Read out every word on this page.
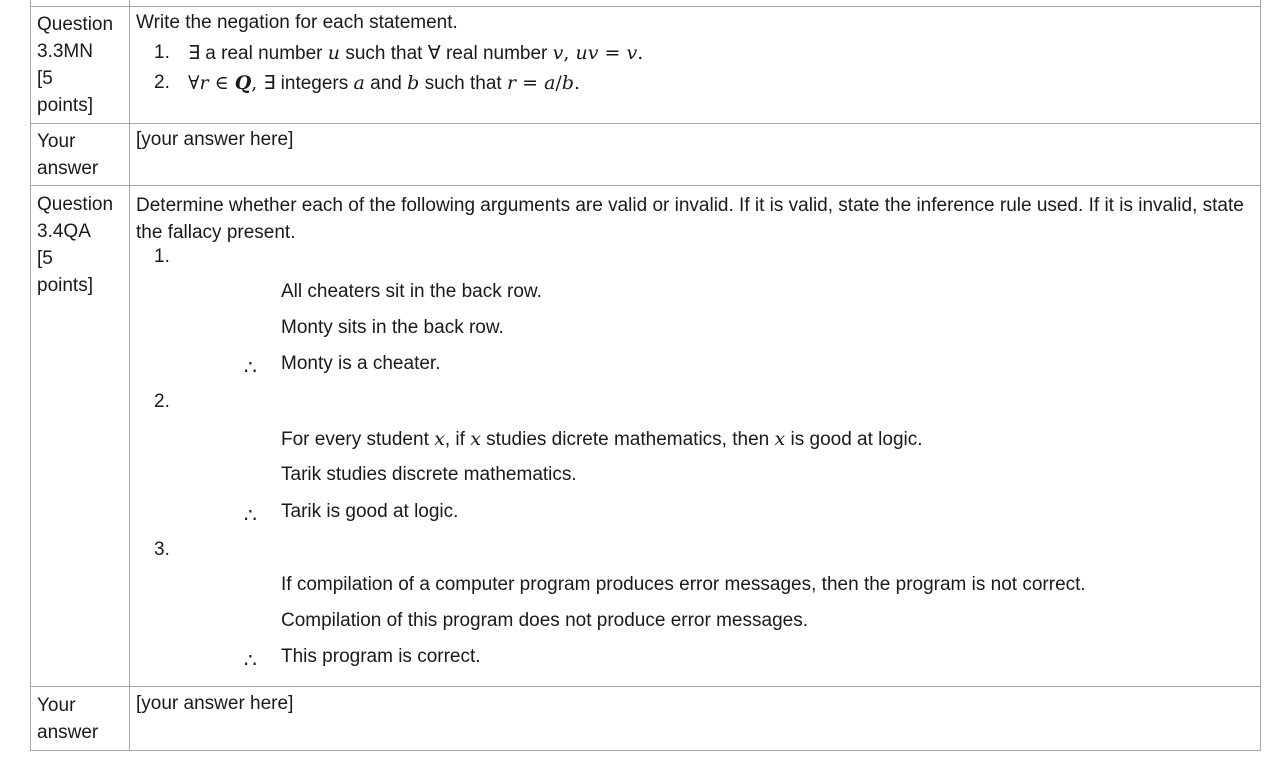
Question
3.3MN
[5
points]
Write the negation for each statement.
1. ∃ a real number u such that ∀ real number v, uv = v.
2. ∀r ∈ Q, ∃ integers a and b such that r = a/b.
Your
answer
[your answer here]
Question
3.4QA
[5
points]
Determine whether each of the following arguments are valid or invalid. If it is valid, state the inference rule used. If it is invalid, state the fallacy present.
1.
All cheaters sit in the back row.
Monty sits in the back row.
∴ Monty is a cheater.
2.
For every student x, if x studies dicrete mathematics, then x is good at logic.
Tarik studies discrete mathematics.
∴ Tarik is good at logic.
3.
If compilation of a computer program produces error messages, then the program is not correct.
Compilation of this program does not produce error messages.
∴ This program is correct.
Your
answer
[your answer here]
